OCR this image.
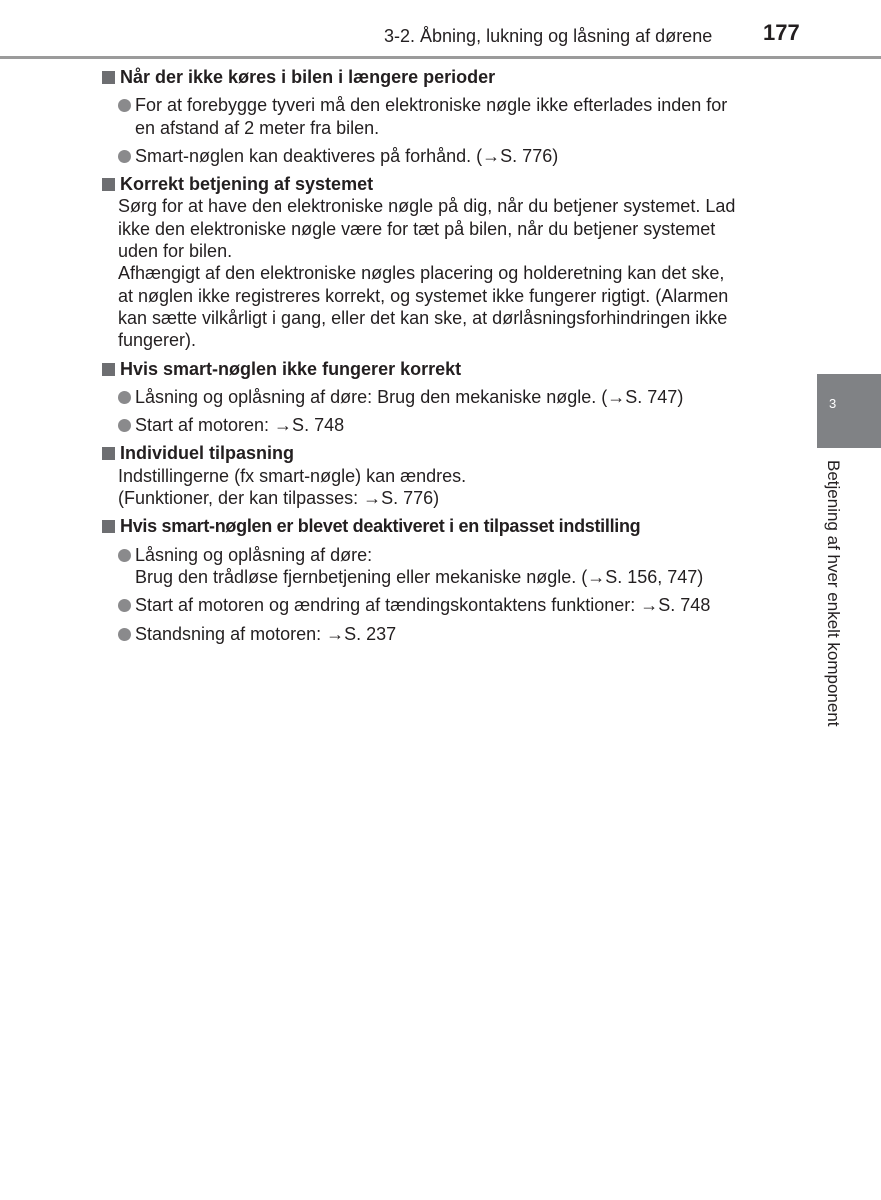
3-2. Åbning, lukning og låsning af dørene 177
Når der ikke køres i bilen i længere perioder
For at forebygge tyveri må den elektroniske nøgle ikke efterlades inden for
en afstand af 2 meter fra bilen.
Smart-nøglen kan deaktiveres på forhånd. (→S. 776)
Korrekt betjening af systemet
Sørg for at have den elektroniske nøgle på dig, når du betjener systemet. Lad
ikke den elektroniske nøgle være for tæt på bilen, når du betjener systemet
uden for bilen.
Afhængigt af den elektroniske nøgles placering og holderetning kan det ske,
at nøglen ikke registreres korrekt, og systemet ikke fungerer rigtigt. (Alarmen
kan sætte vilkårligt i gang, eller det kan ske, at dørlåsningsforhindringen ikke
fungerer).
Hvis smart-nøglen ikke fungerer korrekt
Låsning og oplåsning af døre: Brug den mekaniske nøgle. (→S. 747)
Start af motoren: →S. 748
Individuel tilpasning
Indstillingerne (fx smart-nøgle) kan ændres.
(Funktioner, der kan tilpasses: →S. 776)
Hvis smart-nøglen er blevet deaktiveret i en tilpasset indstilling
Låsning og oplåsning af døre:
Brug den trådløse fjernbetjening eller mekaniske nøgle. (→S. 156, 747)
Start af motoren og ændring af tændingskontaktens funktioner: →S. 748
Standsning af motoren: →S. 237
3
Betjening af hver enkelt komponent
